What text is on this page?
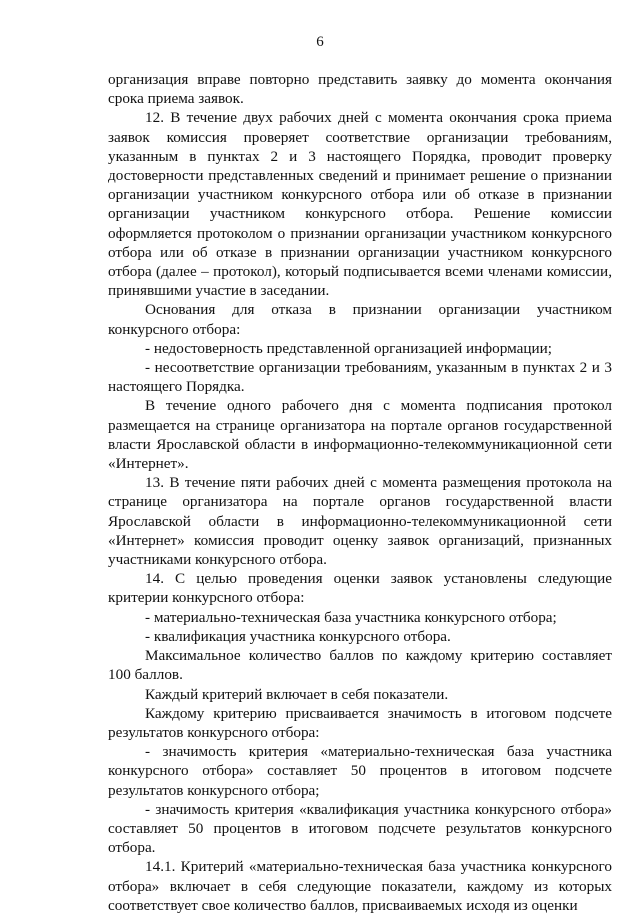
6

организация вправе повторно представить заявку до момента окончания срока приема заявок.

12. В течение двух рабочих дней с момента окончания срока приема заявок комиссия проверяет соответствие организации требованиям, указанным в пунктах 2 и 3 настоящего Порядка, проводит проверку достоверности представленных сведений и принимает решение о признании организации участником конкурсного отбора или об отказе в признании организации участником конкурсного отбора. Решение комиссии оформляется протоколом о признании организации участником конкурсного отбора или об отказе в признании организации участником конкурсного отбора (далее – протокол), который подписывается всеми членами комиссии, принявшими участие в заседании.

Основания для отказа в признании организации участником конкурсного отбора:

- недостоверность представленной организацией информации;

- несоответствие организации требованиям, указанным в пунктах 2 и 3 настоящего Порядка.

В течение одного рабочего дня с момента подписания протокол размещается на странице организатора на портале органов государственной власти Ярославской области в информационно-телекоммуникационной сети «Интернет».

13. В течение пяти рабочих дней с момента размещения протокола на странице организатора на портале органов государственной власти Ярославской области в информационно-телекоммуникационной сети «Интернет» комиссия проводит оценку заявок организаций, признанных участниками конкурсного отбора.

14. С целью проведения оценки заявок установлены следующие критерии конкурсного отбора:

- материально-техническая база участника конкурсного отбора;

- квалификация участника конкурсного отбора.

Максимальное количество баллов по каждому критерию составляет 100 баллов.

Каждый критерий включает в себя показатели.

Каждому критерию присваивается значимость в итоговом подсчете результатов конкурсного отбора:

- значимость критерия «материально-техническая база участника конкурсного отбора» составляет 50 процентов в итоговом подсчете результатов конкурсного отбора;

- значимость критерия «квалификация участника конкурсного отбора» составляет 50 процентов в итоговом подсчете результатов конкурсного отбора.

14.1. Критерий «материально-техническая база участника конкурсного отбора» включает в себя следующие показатели, каждому из которых соответствует свое количество баллов, присваиваемых исходя из оценки
